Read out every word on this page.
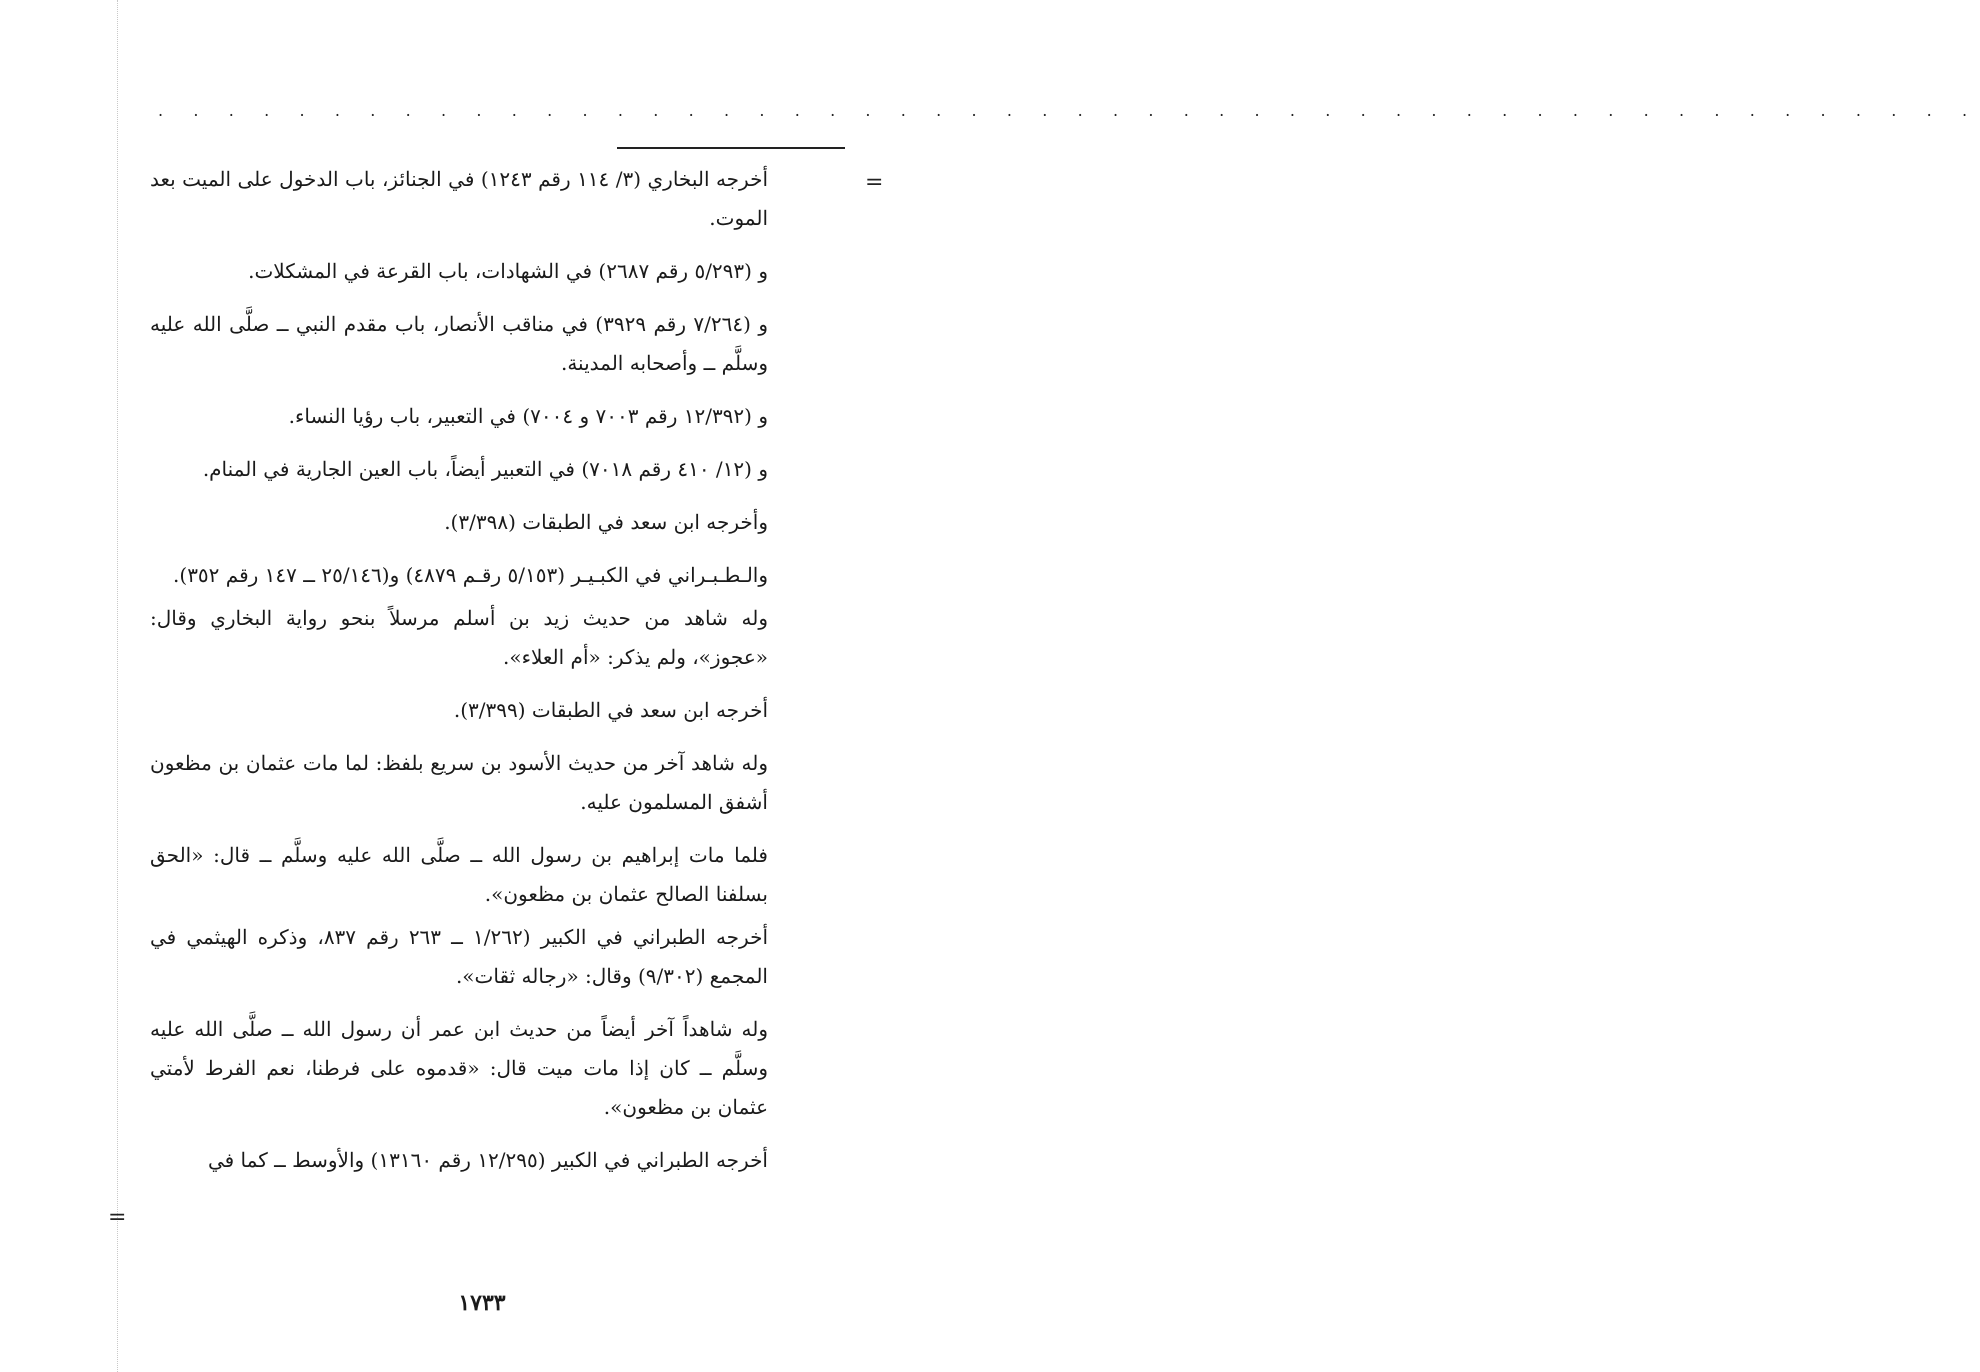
. . . . . . . . . . . . . . . . . . . . . . . . . . . . . . . . . . . . . . . . . . . . . . . . . . . .
=
=

أخرجه البخاري (٣/ ١١٤ رقم ١٢٤٣) في الجنائز، باب الدخول على الميت بعد الموت.

و (٥/٢٩٣ رقم ٢٦٨٧) في الشهادات، باب القرعة في المشكلات.

و (٧/٢٦٤ رقم ٣٩٢٩) في مناقب الأنصار، باب مقدم النبي ــ صلَّى الله عليه وسلَّم ــ وأصحابه المدينة.

و (١٢/٣٩٢ رقم ٧٠٠٣ و ٧٠٠٤) في التعبير، باب رؤيا النساء.

و (١٢/ ٤١٠ رقم ٧٠١٨) في التعبير أيضاً، باب العين الجارية في المنام.

وأخرجه ابن سعد في الطبقات (٣/٣٩٨).

والـطـبـراني في الكبـيـر (٥/١٥٣ رقـم ٤٨٧٩) و(٢٥/١٤٦ ــ ١٤٧ رقم ٣٥٢).

وله شاهد من حديث زيد بن أسلم مرسلاً بنحو رواية البخاري وقال: «عجوز»، ولم يذكر: «أم العلاء».

أخرجه ابن سعد في الطبقات (٣/٣٩٩).

وله شاهد آخر من حديث الأسود بن سريع بلفظ: لما مات عثمان بن مظعون أشفق المسلمون عليه.

فلما مات إبراهيم بن رسول الله ــ صلَّى الله عليه وسلَّم ــ قال: «الحق بسلفنا الصالح عثمان بن مظعون».

أخرجه الطبراني في الكبير (١/٢٦٢ ــ ٢٦٣ رقم ٨٣٧، وذكره الهيثمي في المجمع (٩/٣٠٢) وقال: «رجاله ثقات».

وله شاهداً آخر أيضاً من حديث ابن عمر أن رسول الله ــ صلَّى الله عليه وسلَّم ــ كان إذا مات ميت قال: «قدموه على فرطنا، نعم الفرط لأمتي عثمان بن مظعون».

أخرجه الطبراني في الكبير (١٢/٢٩٥ رقم ١٣١٦٠) والأوسط ــ كما في

١٧٣٣
